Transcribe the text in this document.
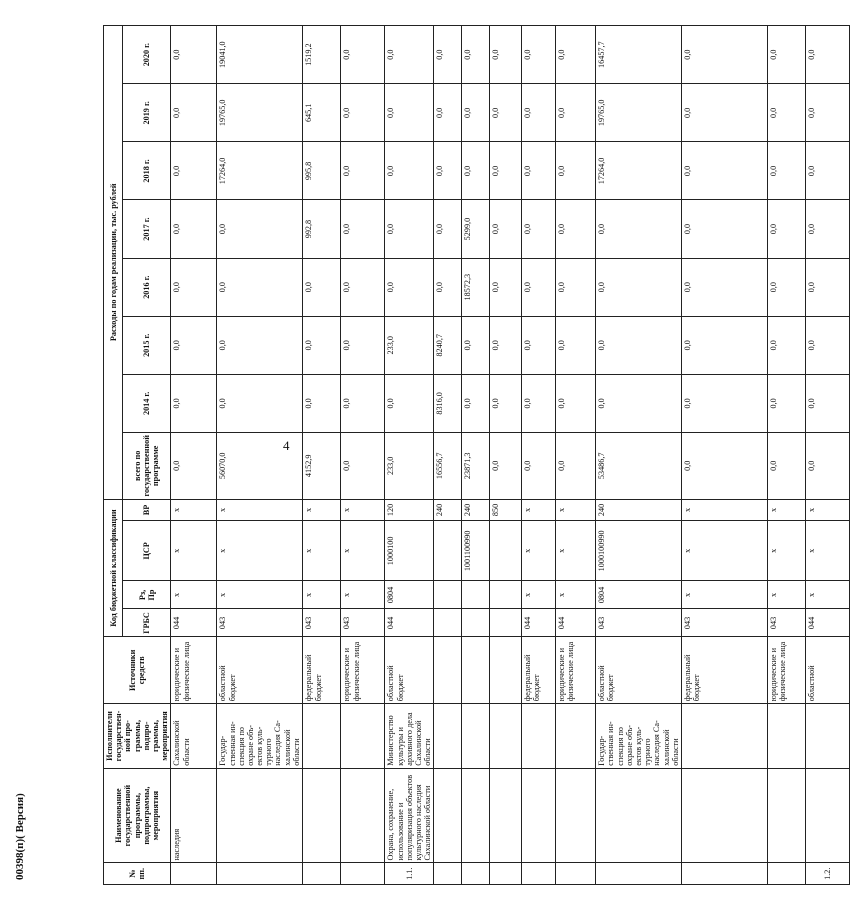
4
00398(п)( Версия)	№ пп.	Наименование государственной программы, подпрограммы, мероприятия	Исполнители государствен-ной про-граммы, подпро-граммы, мероприятия	Источники средств	Код бюджетной классификации				Расходы по годам реализации, тыс. рублей							
				ГРБС	Рз, Пр	ЦСР	ВР	всего по государственной программе	2014 г.	2015 г.	2016 г.	2017 г.	2018 г.	2019 г.	2020 г.
	наследия	Сахалинской области	юридические и физические лица	044	х	х	х	0,0	0,0	0,0	0,0	0,0	0,0	0,0	0,0
		Государ-ственная ин-спекция по охране объ-ектов куль-турного наследия Са-халинской области	областной бюджет	043	х	х	х	56070,0	0,0	0,0	0,0	0,0	17264,0	19765,0	19041,0
			федеральный бюджет	043	х	х	х	4152,9	0,0	0,0	0,0	992,8	995,8	645,1	1519,2
			юридические и физические лица	043	х	х	х	0,0	0,0	0,0	0,0	0,0	0,0	0,0	0,0
1.1.	Охрана, сохранение, использование и популяризация объектов культурного наследия Сахалинской области	Министерство культуры и архивного дела Сахалинской области	областной бюджет	044	0804	1000100	120	233,0	0,0	233,0	0,0	0,0	0,0	0,0	0,0
							240	16556,7	8316,0	8240,7	0,0	0,0	0,0	0,0	0,0
						1001100990	240	23871,3	0,0	0,0	18572,3	5299,0	0,0	0,0	0,0
							850	0,0	0,0	0,0	0,0	0,0	0,0	0,0	0,0
			федеральный бюджет	044	х	х	х	0,0	0,0	0,0	0,0	0,0	0,0	0,0	0,0
			юридические и физические лица	044	х	х	х	0,0	0,0	0,0	0,0	0,0	0,0	0,0	0,0
		Государ-ственная ин-спекция по охране объ-ектов куль-турного наследия Са-халинской области	областной бюджет	043	0804	1000100990	240	53486,7	0,0	0,0	0,0	0,0	17264,0	19765,0	16457,7
			федеральный бюджет	043	х	х	х	0,0	0,0	0,0	0,0	0,0	0,0	0,0	0,0
			юридические и физические лица	043	х	х	х	0,0	0,0	0,0	0,0	0,0	0,0	0,0	0,0
1.2.			областной	044	х	х	х	0,0	0,0	0,0	0,0	0,0	0,0	0,0	0,0
